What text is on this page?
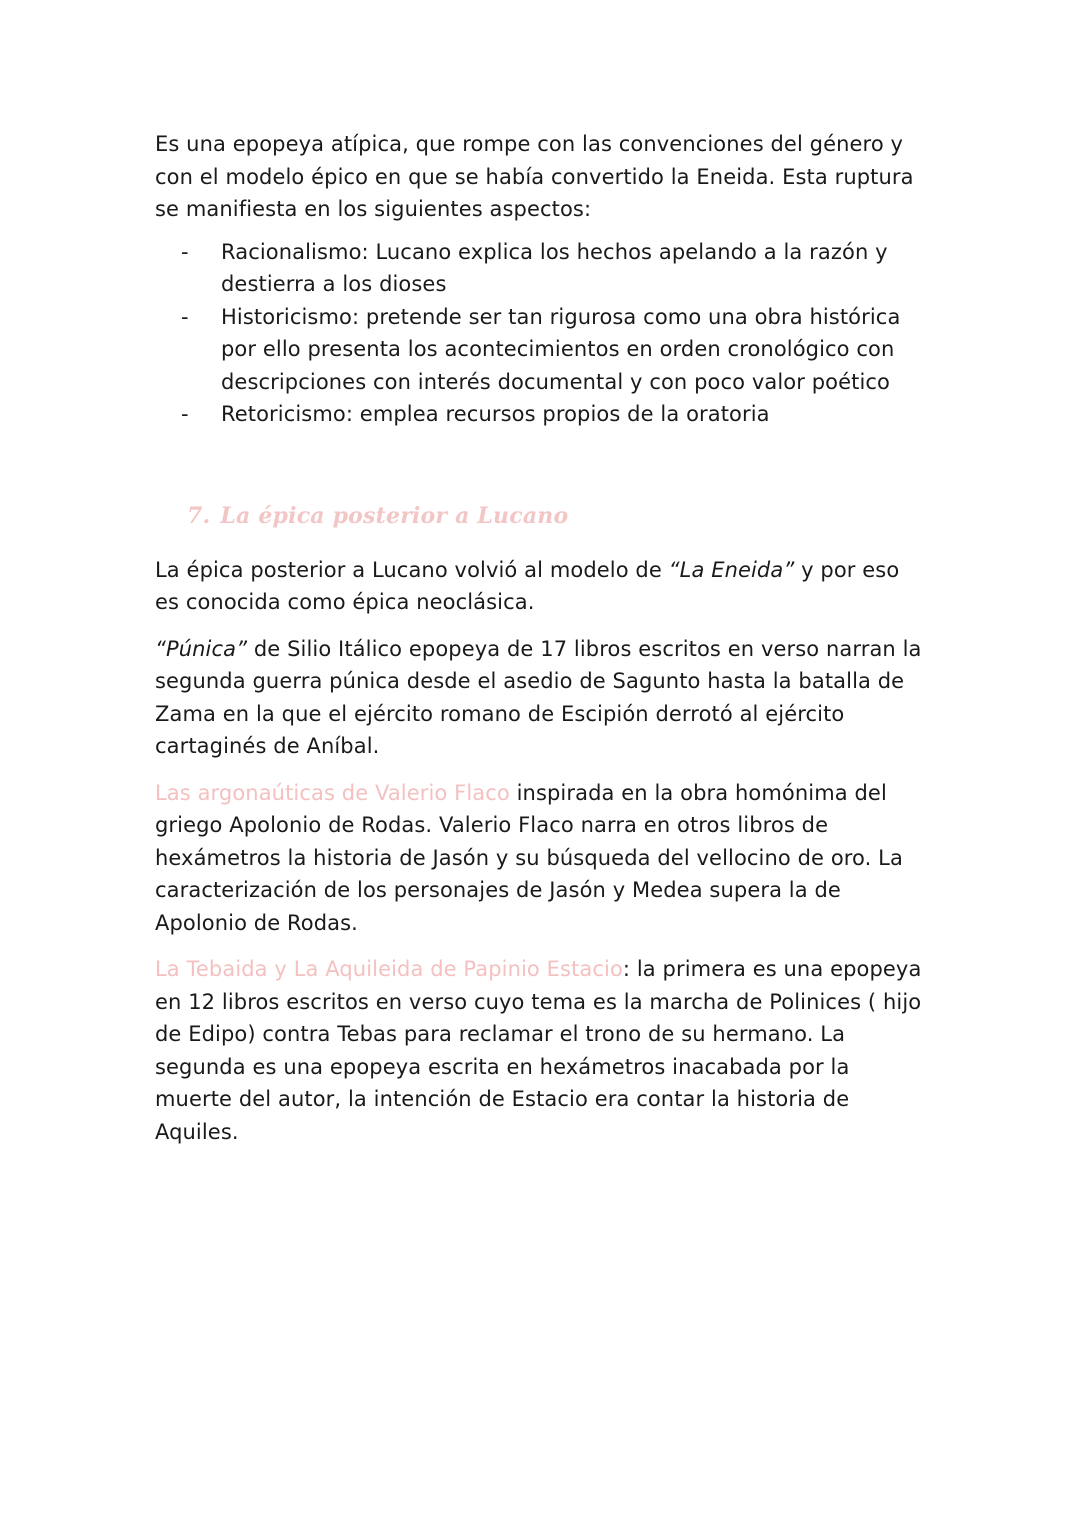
Es una epopeya atípica, que rompe con las convenciones del género y con el modelo épico en que se había convertido la Eneida. Esta ruptura se manifiesta en los siguientes aspectos:

- Racionalismo: Lucano explica los hechos apelando a la razón y destierra a los dioses
- Historicismo: pretende ser tan rigurosa como una obra histórica por ello presenta los acontecimientos en orden cronológico con descripciones con interés documental y con poco valor poético
- Retoricismo: emplea recursos propios de la oratoria
7. La épica posterior a Lucano

La épica posterior a Lucano volvió al modelo de “La Eneida” y por eso es conocida como épica neoclásica.

“Púnica” de Silio Itálico epopeya de 17 libros escritos en verso narran la segunda guerra púnica desde el asedio de Sagunto hasta la batalla de Zama en la que el ejército romano de Escipión derrotó al ejército cartaginés de Aníbal.

Las argonaúticas de Valerio Flaco inspirada en la obra homónima del griego Apolonio de Rodas. Valerio Flaco narra en otros libros de hexámetros la historia de Jasón y su búsqueda del vellocino de oro. La caracterización de los personajes de Jasón y Medea supera la de Apolonio de Rodas.

La Tebaida y La Aquileida de Papinio Estacio: la primera es una epopeya en 12 libros escritos en verso cuyo tema es la marcha de Polinices ( hijo de Edipo) contra Tebas para reclamar el trono de su hermano. La segunda es una epopeya escrita en hexámetros inacabada por la muerte del autor, la intención de Estacio era contar la historia de Aquiles.
